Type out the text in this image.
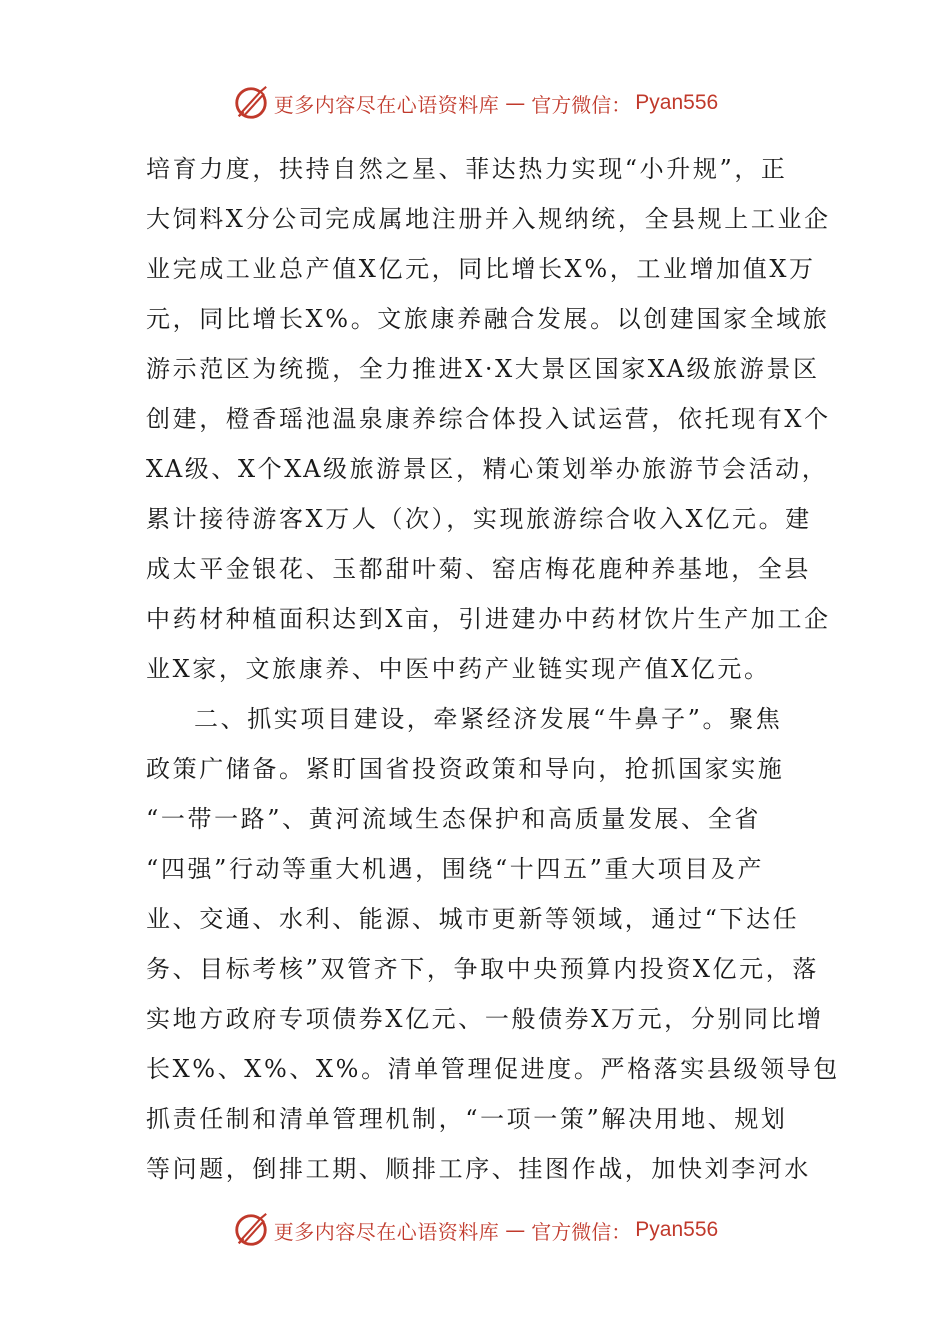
更多内容尽在心语资料库 — 官方微信： Pyan556

培育力度，扶持自然之星、菲达热力实现“小升规”，正

大饲料X分公司完成属地注册并入规纳统，全县规上工业企

业完成工业总产值X亿元，同比增长X%，工业增加值X万

元，同比增长X%。文旅康养融合发展。以创建国家全域旅

游示范区为统揽，全力推进X·X大景区国家XA级旅游景区

创建，橙香瑶池温泉康养综合体投入试运营，依托现有X个

XA级、X个XA级旅游景区，精心策划举办旅游节会活动，

累计接待游客X万人（次），实现旅游综合收入X亿元。建

成太平金银花、玉都甜叶菊、窑店梅花鹿种养基地，全县

中药材种植面积达到X亩，引进建办中药材饮片生产加工企

业X家，文旅康养、中医中药产业链实现产值X亿元。

二、抓实项目建设，牵紧经济发展“牛鼻子”。聚焦

政策广储备。紧盯国省投资政策和导向，抢抓国家实施

“一带一路”、黄河流域生态保护和高质量发展、全省

“四强”行动等重大机遇，围绕“十四五”重大项目及产

业、交通、水利、能源、城市更新等领域，通过“下达任

务、目标考核”双管齐下，争取中央预算内投资X亿元，落

实地方政府专项债券X亿元、一般债券X万元，分别同比增

长X%、X%、X%。清单管理促进度。严格落实县级领导包

抓责任制和清单管理机制，“一项一策”解决用地、规划

等问题，倒排工期、顺排工序、挂图作战，加快刘李河水

更多内容尽在心语资料库 — 官方微信： Pyan556
